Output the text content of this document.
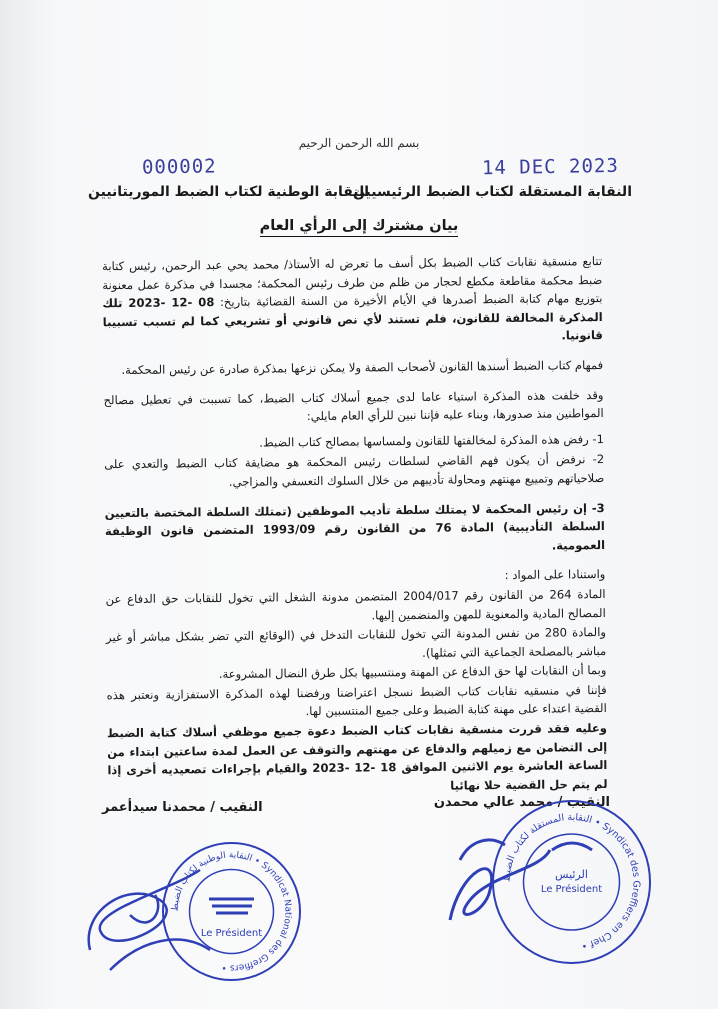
بسم الله الرحمن الرحيم
000002	14 DEC 2023
النقابة المستقلة لكتاب الضبط الرئيسيين
النقابة الوطنية لكتاب الضبط الموريتانيين
بيان مشترك إلى الرأي العام

تتابع منسقية نقابات كتاب الضبط بكل أسف ما تعرض له الأستاذ/ محمد يحي عبد الرحمن، رئيس كتابة ضبط محكمة مقاطعة مكطع لحجار من ظلم من طرف رئيس المحكمة؛ مجسدا في مذكرة عمل معنونة بتوزيع مهام كتابة الضبط أصدرها في الأيام الأخيرة من السنة القضائية بتاريخ: 08 -12 -2023 تلك المذكرة المخالفة للقانون، فلم تستند لأي نص قانوني أو تشريعي كما لم تسبب تسبيبا قانونيا.

فمهام كتاب الضبط أسندها القانون لأصحاب الصفة ولا يمكن نزعها بمذكرة صادرة عن رئيس المحكمة.

وقد خلفت هذه المذكرة استياء عاما لدى جميع أسلاك كتاب الضبط، كما تسببت في تعطيل مصالح المواطنين منذ صدورها، وبناء عليه فإننا نبين للرأي العام مايلي:

1- رفض هذه المذكرة لمخالفتها للقانون ولمساسها بمصالح كتاب الضبط.

2- نرفض أن يكون فهم القاضي لسلطات رئيس المحكمة هو مضايقة كتاب الضبط والتعدي على صلاحياتهم وتمييع مهنتهم ومحاولة تأديبهم من خلال السلوك التعسفي والمزاجي.

3- إن رئيس المحكمة لا يمتلك سلطة تأديب الموظفين (تمتلك السلطة المختصة بالتعيين السلطة التأديبية) المادة 76 من القانون رقم 1993/09 المتضمن قانون الوظيفة العمومية.

واستنادا على المواد :

المادة 264 من القانون رقم 2004/017 المتضمن مدونة الشغل التي تخول للنقابات حق الدفاع عن المصالح المادية والمعنوية للمهن والمنضمين إليها.

والمادة 280 من نفس المدونة التي تخول للنقابات التدخل في (الوقائع التي تضر بشكل مباشر أو غير مباشر بالمصلحة الجماعية التي تمثلها).

وبما أن النقابات لها حق الدفاع عن المهنة ومنتسبيها بكل طرق النضال المشروعة.

فإننا في منسقيه نقابات كتاب الضبط نسجل اعتراضنا ورفضنا لهذه المذكرة الاستفزازية ونعتبر هذه القضية اعتداء على مهنة كتابة الضبط وعلى جميع المنتسبين لها.

وعليه فقد قررت منسقية نقابات كتاب الضبط دعوة جميع موظفي أسلاك كتابة الضبط إلى التضامن مع زميلهم والدفاع عن مهنتهم والتوقف عن العمل لمدة ساعتين ابتداء من الساعة العاشرة يوم الاثنين الموافق 18 -12 -2023 والقيام بإجراءات تصعيديه أخرى إذا لم يتم حل القضية حلا نهائيا

النقيب / محمد عالي محمدن
النقيب / محمدنا سيدأعمر
النقابة الوطنية لكتاب الضبط • Syndicat National des Greffiers •
Le Président
النقابة المستقلة لكتاب الضبط • Syndicat des Greffiers en Chef •
الرئيس
Le Président
